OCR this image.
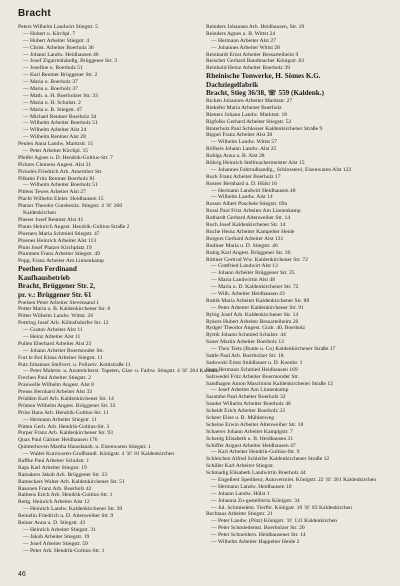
Bracht
Peters Wilhelm Landwirt Stiegstr. 5
— Hubert u. Kirchpl. 7
— Hubert Arbeiter Stiegstr. 4
— Christ. Arbeiter Boerholz 36
— Johann Landw. Heidhausen 40
— Josef Zigarrenhändlg. Brüggener Str. 3
— Josefine u. Boerholz 51
— Karl Rentner Brüggener Str. 2
— Maria u. Boerholz 37
— Maria u. Boerholz 37
— Math. u. H. Boerholzer Str. 33
— Maria u. H. Schulstr. 2
— Maria u. B. Stiegstr. 47
— Michael Rentner Boerholz 34
— Wilhelm Arbeiter Boerholz 51
— Wilhelm Arbeiter Alst 24
— Wilhelm Rentner Alst 28
Peulen Anna Landw. Marktstr. 15
— Peter Arbeiter Kirchpl. 15
Pfeifer Agnes u. D. Hendrik-Goltius-Str. 7
Pickers Clemens Angest. Alst 21
Pickelés Friedrich Arb. Amernber Str.
Pilkahn Fritz Rentner Boerholz 81
— Wilhelm Arbeiter Boerholz 51
Pittens Tewes Arbeiter Alst 27
Placht Wilhelm Elektr. Heidhausen 15
Platzer Theodor Gutsbesitz. Stiegstr. 4 ☏ 260
Kaldenkirchen
Plasser Josef Rentner Alst 41
Plauts Heinrich Angest. Hendrik-Goltius-Straße 2
Ploeners Maria Schmied Stiegstr. 47
Ploenes Heinrich Arbeiter Alst 113
Plum Josef Platzer Kirchplatz 19
Plummen Franz Arbeiter Stiegstr. 49
Popp, Franz Arbeiter Am Linnenkamp
Poethen Ferdinand
Kaufhausbetrieb
Bracht, Brüggener Str. 2,
pr. v.: Brüggener Str. 61
Poelsen Peter Arbeiter Stevensand 1
Potter Maria u. B. Kaldenkirchener Str. 8
Pötter Wilhelm Landw. Wittst. 26
Pottring Josef Arb. Kölnsfsdorfer Str. 12
— Gustav Arbeiter Alst 11
— Heinz Arbeiter Alst 11
Pullen Eberhard Arbeiter Alst 23
— Johann Arbeiter Boermonder Str.
Fort le Bol Klaus Arbeiter Stiegstr. 11
Putz Johannes Stellvert. u. Polizeiv. Kohlstraße 11
— Peter Malerm. u. Anstreicherst. Tapeten, Glas- u. Farbw. Stiegstr. 4 ☏ 264 Kaldenk.
Frechen Paul Arbeiter Stiegstr. 2
Prauwelle Wilhelm Angest. Alst 8
Preuss Bernhard Arbeiter Alst 33
Prüdden Karl Arb. Kaldenkirchener Str. 14
Prümen Wilhelm Angest. Brüggener Str. 33
Prüss Hans Arb. Hendrik-Goltius-Str. 11
— Hermann Arbeiter Stiegstr. 11
Pütten Gerh. Arb. Hendrik-Goltius-Str. 3
Purper Franz Arb. Kaldenkirchener Str. 93
Quax Paul Gärtner Heidhausen 176
Quinterhoven Martha Hausdanab. u. Eisenwaren Stiegstr. 1
— Walter Kurzwaren-Großhandl. Königstr. 4 ☏ 81 Kaldenkirchen
Raffke Paul Arbeiter Schulstr. 1
Raps Karl Arbeiter Stiegstr. 19
Ramakers Jakob Arb. Brüggener Str. 33
Rameckers Walter Arb. Kaldenkirchener Str. 51
Rasonen Franz Arb. Boerholz 42
Rathens Erich Arb. Hendrik-Goltius-Str. 1
Rettg. Heinrich Arbeiter Alst 12
— Heinrich Landw. Kaldenkirchener Str. 39
Reinelin Friedrich u. D. Altenweiher Str. 9
Reiner Anna u. D. Stiegstr. 43
— Heinrich Arbeiter Stiegstr. 31
— Jakob Arbeiter Stiegstr. 19
— Josef Arbeiter Stiegstr. 59
— Peter Arb. Hendrik-Goltius-Str. 1
Reinders Johannes Arb. Heidhausen, Str. 10
Reinders Agnes u. B. Wittst 24
— Hermann Arbeiter Alst 27
— Johannes Arbeiter Wittst 28
Reinhardt Ernst Arbeiter Bessarteiheim 9
Reischer Gerhard Bandmacher Königstr. 83
Reinhold Heinz Arbeiter Boerholz 39
Rheinische Tonwerke, H. Sömes K.G.
Dachziegelfabrik
Bracht, Stieg 36/38, ☏ 559 (Kaldenk.)
Ricken Johannes Arbeiter Marktstr. 27
Riekefer Maria Arbeiter Boerholz
Rieners Johann Landw. Marktstr. 18
Rigfolks Gerhard Arbeiter Stiegstr. 52
Rinterholz Paul Schlosser Kaldenkirchener Straße 9
Rippel Franz Arbeiter Alst 38
— Wilhelm Landw. Wittst 57
Röfhers Johann Landw. Alst 25
Rohlgs Anna u. B. Alst 28
Röhrig Heinrich Stellmachermeister Alst 15
— Johannes Fahrradhandlg., Schlosserei, Eisenwaren Alst 123
Rock Franz Arbeiter Boerholz 17
Rosner Bernhard u. D. Hülst 16
— Hermann Landwirt Heidhausen 48
— Wilhelm Landw. Alst 14
Rosser Albert Poschele Stiegstr. 69a
Rossi Paul Fritz Arbeiter Am Linnenkamp
Rothardt Gerhard Altenweiher Str. 14
Ruch Josef Kaldenkirchener Str. 14
Ruche Heinz Arbeiter Kampelter Heide
Rorgers Gerhard Arbeiter Alst 131
Rudiner Maria u. D. Stiegstr. 46
Ruhig Karl Angest. Brüggener Str. 36
Rüttner Gertrud Ww. Kaldenkirchener Str. 72
— Gottfried Landwirt Alst 13
— Johann Arbeiter Brüggener Str. 25
— Maria Landwirtin Alst 48
— Maria u. D. Kaldenkirchener Str. 72
— Wilh. Arbeiter Heidhausen 43
Ruttik Maria Arbeiter Kaldenkirchener Str. 88
— Peter Arbeiter Kaldenkirchener Str. 91
Rybig Josef Arb. Kaldenkirchener Str. 14
Rykers Hubert Arbeiter Bessarteiheim 26
Rydger Theodor Angest. Grab. 40, Boerholz
Ryttik Johann Schmied Schulstr. 44
Sauer Martin Arbeiter Boerholz 13
— Theo Tietz (Bunte u. Co) Kaldenkirchener Straße 17
Sattle Paul Arb. Boerholzer Str. 18
Sadowski Ernst Stuhlbauer u. D. Koenbr. 1
Sage Hermann Schmied Heidhausen 169
Salzwedel Fritz Arbeiter Boermonder Str.
Sandhagen Anton Maschinist Kaldenkirchener Straße 12
— Josef Arbeiter Am Linnenkamp
Saramhe Paul Arbeiter Boerholz 32
Sauder Wilhelm Arbeiter Boerholz 48
Scheidt Erich Arbeiter Boerholz 33
Scheer Elise u. B. Mühlenweg
Scheine Erwin Arbeiter Altenweiher Str. 18
Schaerer Johann Arbeiter Kampigstr. 7
Schenlg Elisabeth u. B. Heidhausen 31
Schiffer August Arbeiter Heidhausen 47
— Karl Arbeiter Hendrik-Goltius-Str. 9
Schleichen Alfred Schleifer Kaldenkirchener Straße 12
Schiller Karl Arbeiter Stiegstr.
Schmadig Elisabeth Landwirtin Boerholz 44
— Engelbert Spediteur, Autovermiet. Königstr. 22 ☏ 261 Kaldenkirchen
— Hermann Landw. Heidhausen 10
— Johann Landw. Hülst 1
— Johanna Zu-gestellterin Königstr. 34
— Jul. Schmiedem. Tierfbr. Königstr. 18 ☏ 83 Kaldenkirchen
Rechtaus Arbeiter Stiegstr. 21
— Peter Landw. (Pütz) Königstr. ☏ 131 Kaldenkirchen
— Peter Schmiedemst. Boerholzer Str. 20
— Peter Schneidern. Heidhausener Str. 14
— Wilhelm Arbeiter Happelter Heide 2
46
